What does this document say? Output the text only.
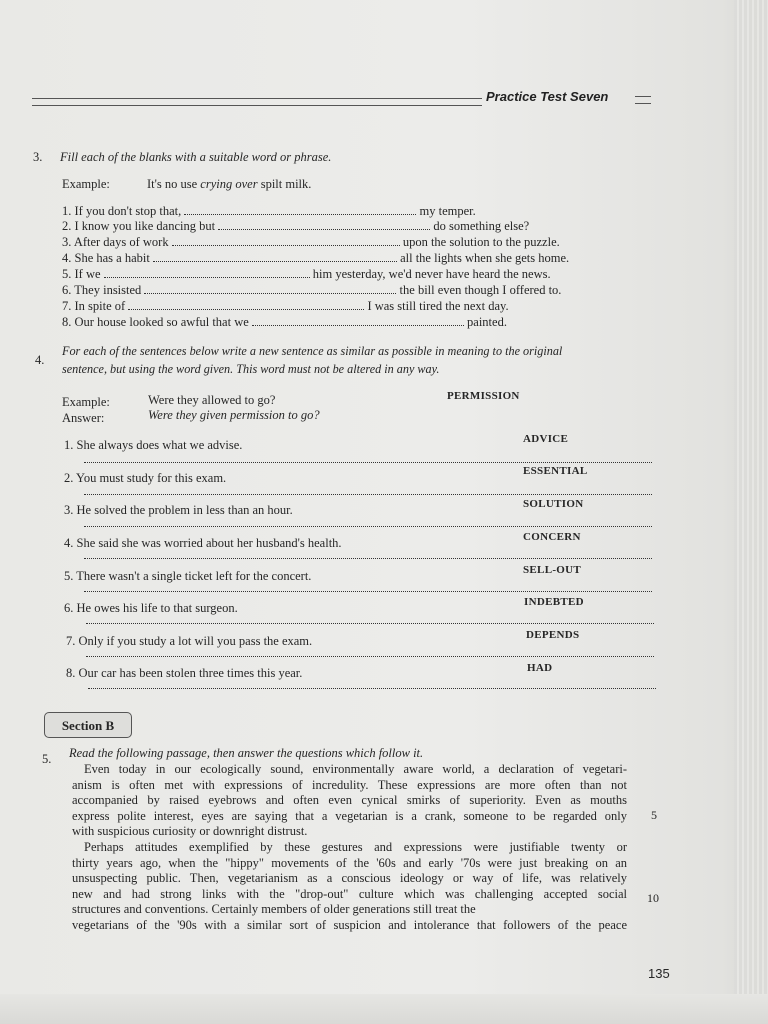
Practice Test Seven
3. Fill each of the blanks with a suitable word or phrase.
Example:	It's no use crying over spilt milk.
1. If you don't stop that,	my temper.
2. I know you like dancing but	do something else?
3. After days of work	upon the solution to the puzzle.
4. She has a habit	all the lights when she gets home.
5. If we	him yesterday, we'd never have heard the news.
6. They insisted	the bill even though I offered to.
7. In spite of	I was still tired the next day.
8. Our house looked so awful that we	painted.
4.
For each of the sentences below write a new sentence as similar as possible in meaning to the original
sentence, but using the word given. This word must not be altered in any way.
Example:	Were they allowed to go?	PERMISSION
Answer:	Were they given permission to go?
1. She always does what we advise.	ADVICE
2. You must study for this exam.	ESSENTIAL
3. He solved the problem in less than an hour.	SOLUTION
4. She said she was worried about her husband's health.	CONCERN
5. There wasn't a single ticket left for the concert.	SELL-OUT
6. He owes his life to that surgeon.	INDEBTED
7. Only if you study a lot will you pass the exam.	DEPENDS
8. Our car has been stolen three times this year.	HAD
Section B
5. Read the following passage, then answer the questions which follow it.
Even today in our ecologically sound, environmentally aware world, a declaration of vegetari-
anism is often met with expressions of incredulity. These expressions are more often than not
accompanied by raised eyebrows and often even cynical smirks of superiority. Even as mouths
express polite interest, eyes are saying that a vegetarian is a crank, someone to be regarded only
with suspicious curiosity or downright distrust.
Perhaps attitudes exemplified by these gestures and expressions were justifiable twenty or
thirty years ago, when the "hippy" movements of the '60s and early '70s were just breaking on an
unsuspecting public. Then, vegetarianism as a conscious ideology or way of life, was relatively
new and had strong links with the "drop-out" culture which was challenging accepted social
structures and conventions. Certainly members of older generations still treat the
vegetarians of the '90s with a similar sort of suspicion and intolerance that followers of the peace
5
10
135
